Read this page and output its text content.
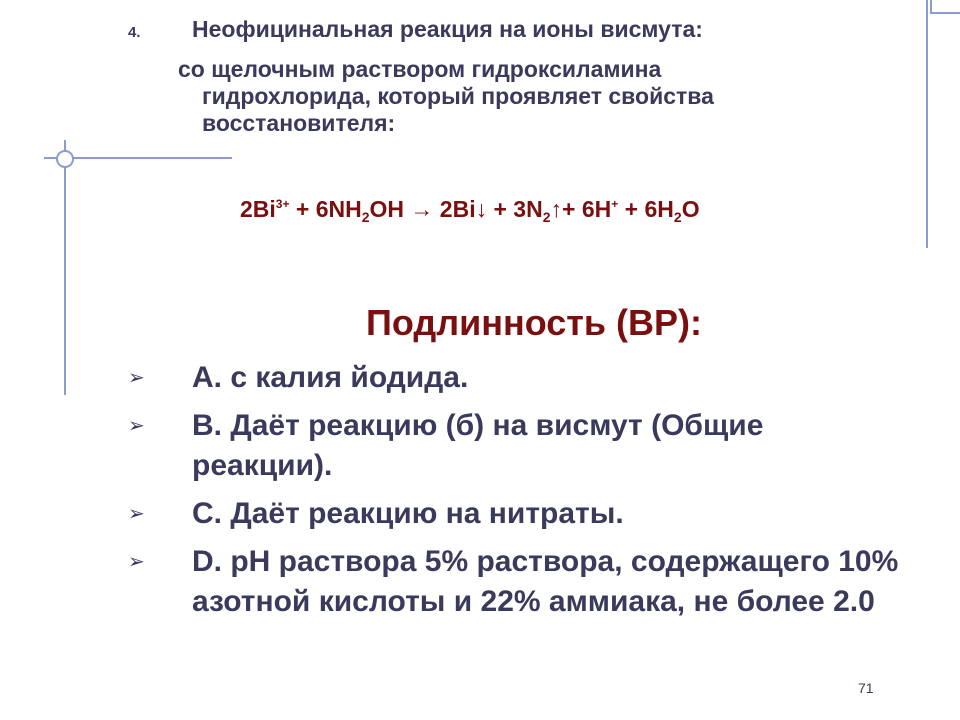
4. Неофицинальная реакция на ионы висмута:
со щелочным раствором гидроксиламина
гидрохлорида, который проявляет свойства
восстановителя:
$2Bi^{3+} + 6NH_2OH$ → 2Bi↓ + $3N_2↑+ 6H^+ + 6H_2O$
Подлинность (ВР):
➢ A. с калия йодида.
➢ B. Даёт реакцию (б) на висмут (Общие реакции).
➢ C. Даёт реакцию на нитраты.
➢ D. pH раствора 5% раствора, содержащего 10% азотной кислоты и 22% аммиака, не более 2.0
71
